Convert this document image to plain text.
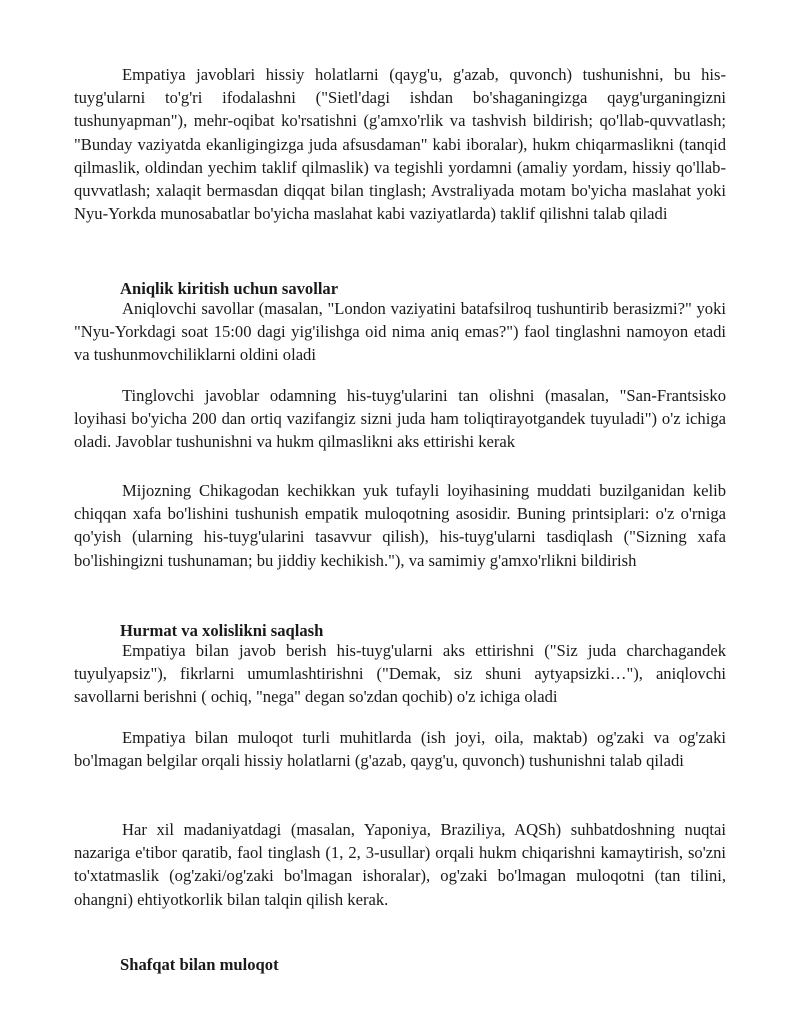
Empatiya javoblari hissiy holatlarni (qayg'u, g'azab, quvonch) tushunishni, bu his-tuyg'ularni to'g'ri ifodalashni ("Sietl'dagi ishdan bo'shaganingizga qayg'urganingizni tushunyapman"), mehr-oqibat ko'rsatishni (g'amxo'rlik va tashvish bildirish; qo'llab-quvvatlash; "Bunday vaziyatda ekanligingizga juda afsusdaman" kabi iboralar), hukm chiqarmaslikni (tanqid qilmaslik, oldindan yechim taklif qilmaslik) va tegishli yordamni (amaliy yordam, hissiy qo'llab-quvvatlash; xalaqit bermasdan diqqat bilan tinglash; Avstraliyada motam bo'yicha maslahat yoki Nyu-Yorkda munosabatlar bo'yicha maslahat kabi vaziyatlarda) taklif qilishni talab qiladi

Aniqlik kiritish uchun savollar

Aniqlovchi savollar (masalan, "London vaziyatini batafsilroq tushuntirib berasizmi?" yoki "Nyu-Yorkdagi soat 15:00 dagi yig'ilishga oid nima aniq emas?") faol tinglashni namoyon etadi va tushunmovchiliklarni oldini oladi

Tinglovchi javoblar odamning his-tuyg'ularini tan olishni (masalan, "San-Frantsisko loyihasi bo'yicha 200 dan ortiq vazifangiz sizni juda ham toliqtirayotgandek tuyuladi") o'z ichiga oladi. Javoblar tushunishni va hukm qilmaslikni aks ettirishi kerak

Mijozning Chikagodan kechikkan yuk tufayli loyihasining muddati buzilganidan kelib chiqqan xafa bo'lishini tushunish empatik muloqotning asosidir. Buning printsiplari: o'z o'rniga qo'yish (ularning his-tuyg'ularini tasavvur qilish), his-tuyg'ularni tasdiqlash ("Sizning xafa bo'lishingizni tushunaman; bu jiddiy kechikish."), va samimiy g'amxo'rlikni bildirish

Hurmat va xolislikni saqlash

Empatiya bilan javob berish his-tuyg'ularni aks ettirishni ("Siz juda charchagandek tuyulyapsiz"), fikrlarni umumlashtirishni ("Demak, siz shuni aytyapsizki…"), aniqlovchi savollarni berishni ( ochiq, "nega" degan so'zdan qochib) o'z ichiga oladi

Empatiya bilan muloqot turli muhitlarda (ish joyi, oila, maktab) og'zaki va og'zaki bo'lmagan belgilar orqali hissiy holatlarni (g'azab, qayg'u, quvonch) tushunishni talab qiladi

Har xil madaniyatdagi (masalan, Yaponiya, Braziliya, AQSh) suhbatdoshning nuqtai nazariga e'tibor qaratib, faol tinglash (1, 2, 3-usullar) orqali hukm chiqarishni kamaytirish, so'zni to'xtatmaslik (og'zaki/og'zaki bo'lmagan ishoralar), og'zaki bo'lmagan muloqotni (tan tilini, ohangni) ehtiyotkorlik bilan talqin qilish kerak.

Shafqat bilan muloqot
